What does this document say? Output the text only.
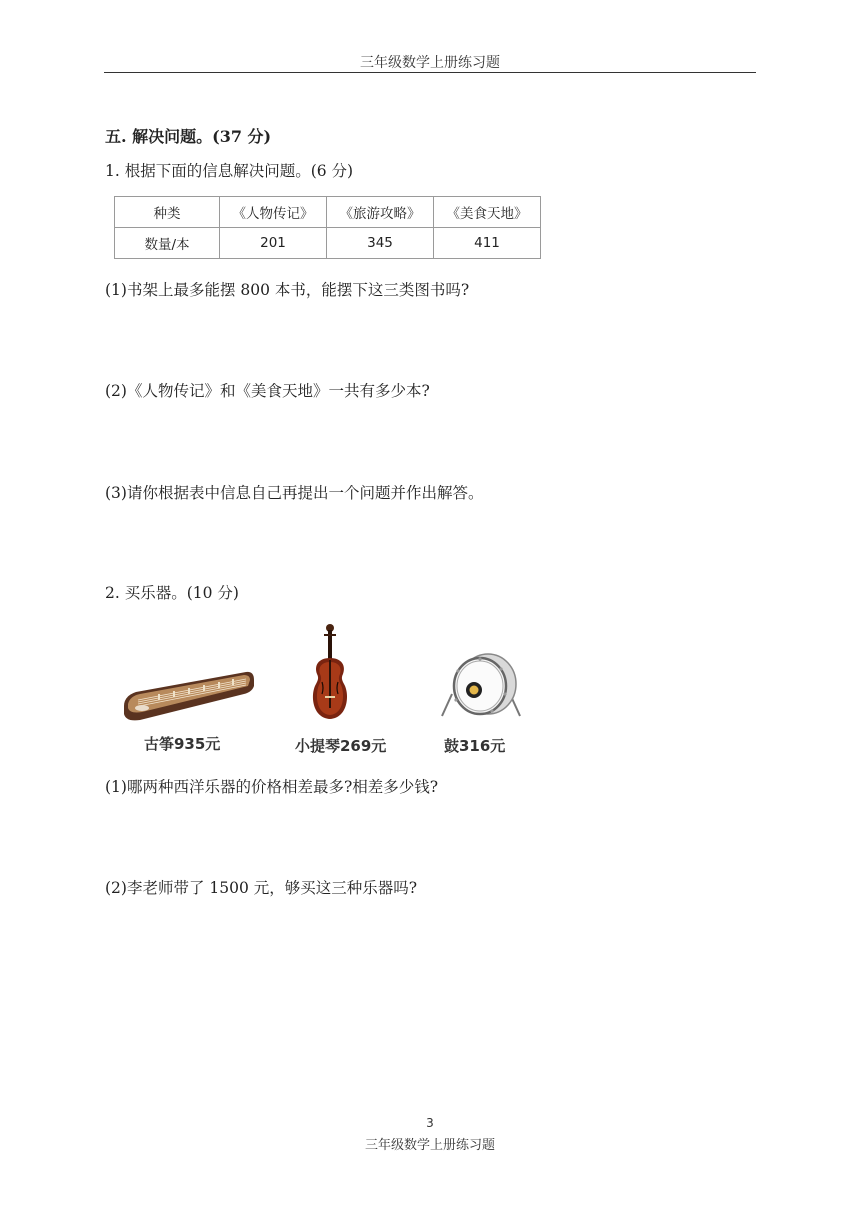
三年级数学上册练习题
五. 解决问题。(37 分)
1. 根据下面的信息解决问题。(6 分)
种类	《人物传记》	《旅游攻略》	《美食天地》
数量/本	201	345	411
(1)书架上最多能摆 800 本书，能摆下这三类图书吗?
(2)《人物传记》和《美食天地》一共有多少本?
(3)请你根据表中信息自己再提出一个问题并作出解答。
2. 买乐器。(10 分)
古筝935元	小提琴269元	鼓316元
(1)哪两种西洋乐器的价格相差最多?相差多少钱?
(2)李老师带了 1500 元，够买这三种乐器吗?
3
三年级数学上册练习题
